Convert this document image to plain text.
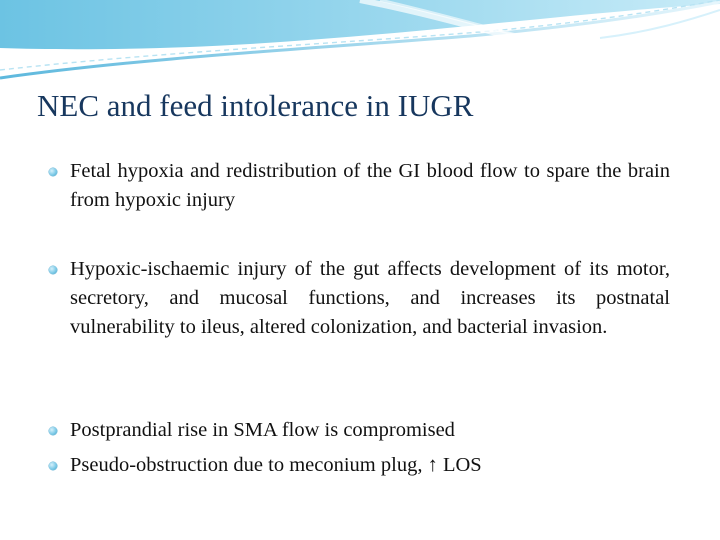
NEC and feed intolerance in IUGR
Fetal hypoxia and redistribution of the GI blood flow to spare the brain from hypoxic injury
Hypoxic-ischaemic injury of the gut affects development of its motor, secretory, and mucosal functions, and increases its postnatal vulnerability to ileus, altered colonization, and bacterial invasion.
Postprandial rise in SMA flow is compromised
Pseudo-obstruction due to meconium plug, ↑ LOS
